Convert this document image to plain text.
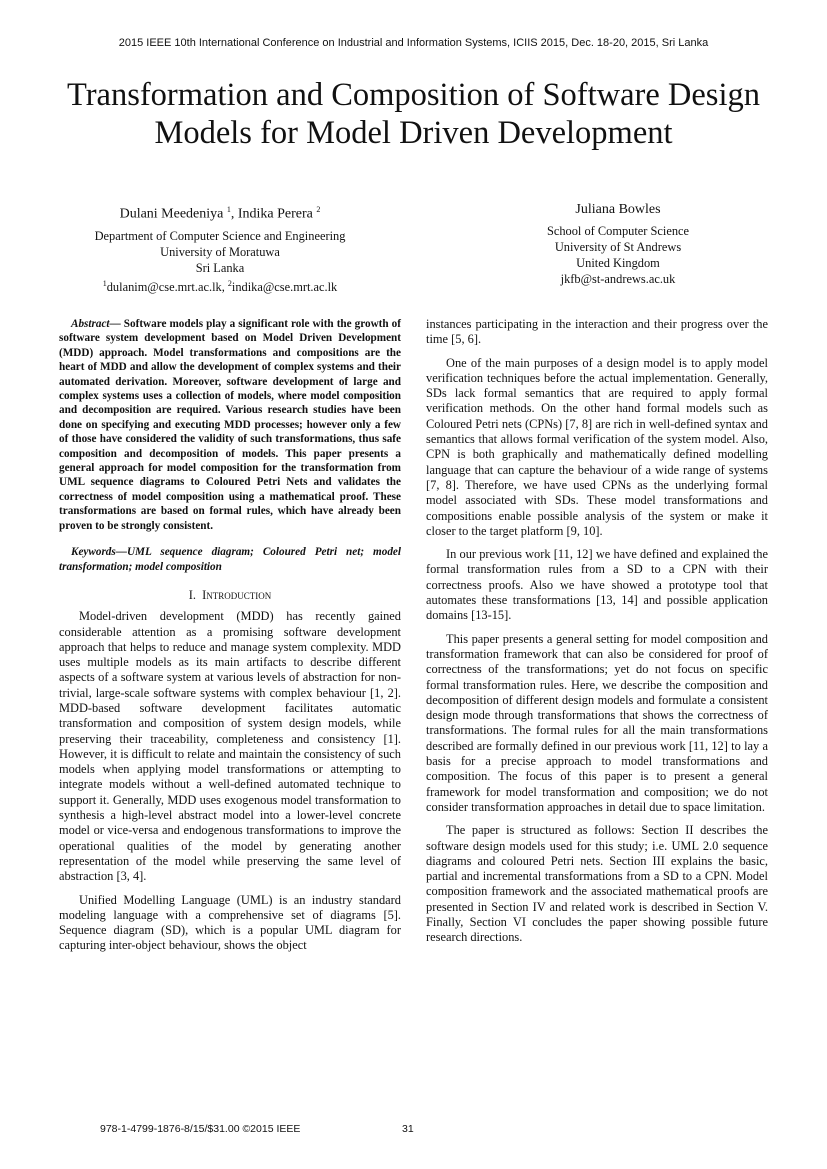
2015 IEEE 10th International Conference on Industrial and Information Systems, ICIIS 2015, Dec. 18-20, 2015, Sri Lanka
Transformation and Composition of Software Design
Models for Model Driven Development
Dulani Meedeniya $^1$, Indika Perera $^2$
Department of Computer Science and Engineering
University of Moratuwa
Sri Lanka
$^1$dulanim@cse.mrt.ac.lk, $^2$indika@cse.mrt.ac.lk
Juliana Bowles
School of Computer Science
University of St Andrews
United Kingdom
jkfb@st-andrews.ac.uk

Abstract— Software models play a significant role with the growth of software system development based on Model Driven Development (MDD) approach. Model transformations and compositions are the heart of MDD and allow the development of complex systems and their automated derivation. Moreover, software development of large and complex systems uses a collection of models, where model composition and decomposition are required. Various research studies have been done on specifying and executing MDD processes; however only a few of those have considered the validity of such transformations, thus safe composition and decomposition of models. This paper presents a general approach for model composition for the transformation from UML sequence diagrams to Coloured Petri Nets and validates the correctness of model composition using a mathematical proof. These transformations are based on formal rules, which have already been proven to be strongly consistent.

Keywords—UML sequence diagram; Coloured Petri net; model transformation; model composition

I. Introduction

Model-driven development (MDD) has recently gained considerable attention as a promising software development approach that helps to reduce and manage system complexity. MDD uses multiple models as its main artifacts to describe different aspects of a software system at various levels of abstraction for non-trivial, large-scale software systems with complex behaviour [1, 2]. MDD-based software development facilitates automatic transformation and composition of system design models, while preserving their traceability, completeness and consistency [1]. However, it is difficult to relate and maintain the consistency of such models when applying model transformations or attempting to integrate models without a well-defined automated technique to support it. Generally, MDD uses exogenous model transformation to synthesis a high-level abstract model into a lower-level concrete model or vice-versa and endogenous transformations to improve the operational qualities of the model by generating another representation of the model while preserving the same level of abstraction [3, 4].

Unified Modelling Language (UML) is an industry standard modeling language with a comprehensive set of diagrams [5]. Sequence diagram (SD), which is a popular UML diagram for capturing inter-object behaviour, shows the object

instances participating in the interaction and their progress over the time [5, 6].

One of the main purposes of a design model is to apply model verification techniques before the actual implementation. Generally, SDs lack formal semantics that are required to apply formal verification methods. On the other hand formal models such as Coloured Petri nets (CPNs) [7, 8] are rich in well-defined syntax and semantics that allows formal verification of the system model. Also, CPN is both graphically and mathematically defined modelling language that can capture the behaviour of a wide range of systems [7, 8]. Therefore, we have used CPNs as the underlying formal model associated with SDs. These model transformations and compositions enable possible analysis of the system or make it closer to the target platform [9, 10].

In our previous work [11, 12] we have defined and explained the formal transformation rules from a SD to a CPN with their correctness proofs. Also we have showed a prototype tool that automates these transformations [13, 14] and possible application domains [13-15].

This paper presents a general setting for model composition and transformation framework that can also be considered for proof of correctness of the transformations; yet do not focus on specific formal transformation rules. Here, we describe the composition and decomposition of different design models and formulate a consistent design mode through transformations that shows the correctness of transformations. The formal rules for all the main transformations described are formally defined in our previous work [11, 12] to lay a basis for a precise approach to model transformations and composition. The focus of this paper is to present a general framework for model transformation and composition; we do not consider transformation approaches in detail due to space limitation.

The paper is structured as follows: Section II describes the software design models used for this study; i.e. UML 2.0 sequence diagrams and coloured Petri nets. Section III explains the basic, partial and incremental transformations from a SD to a CPN. Model composition framework and the associated mathematical proofs are presented in Section IV and related work is described in Section V. Finally, Section VI concludes the paper showing possible future research directions.

978-1-4799-1876-8/15/$31.00 ©2015 IEEE	31
